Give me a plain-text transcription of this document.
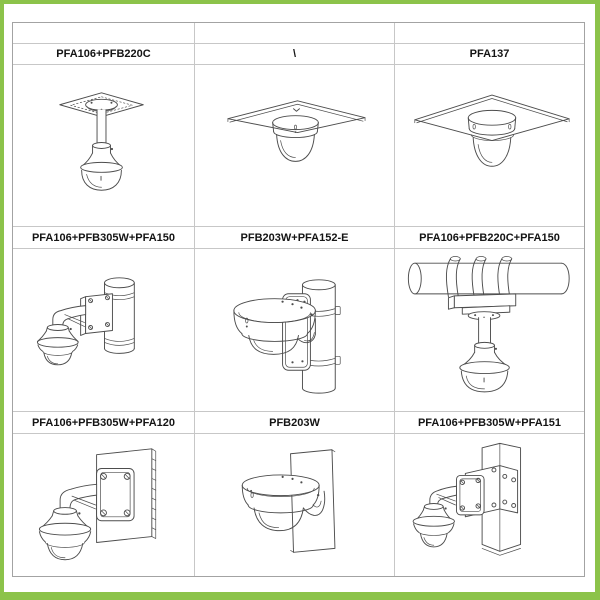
PFA106+PFB220C	\	PFA137
PFA106+PFB305W+PFA150	PFB203W+PFA152-E	PFA106+PFB220C+PFA150
PFA106+PFB305W+PFA120	PFB203W	PFA106+PFB305W+PFA151
